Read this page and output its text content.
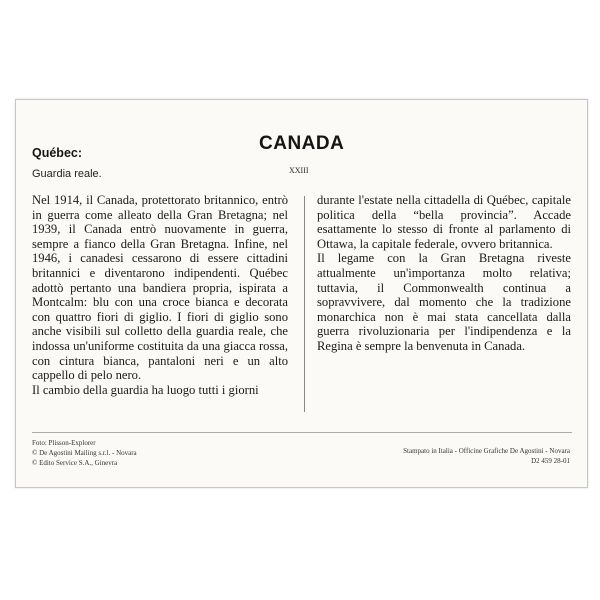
CANADA
XXIII
Québec:
Guardia reale.

Nel 1914, il Canada, protettorato britannico, entrò in guerra come alleato della Gran Bretagna; nel 1939, il Canada entrò nuovamente in guerra, sempre a fianco della Gran Bretagna. Infine, nel 1946, i canadesi cessarono di essere cittadini britannici e diventarono indipendenti. Québec adottò pertanto una bandiera propria, ispirata a Montcalm: blu con una croce bianca e decorata con quattro fiori di giglio. I fiori di giglio sono anche visibili sul colletto della guardia reale, che indossa un'uniforme costituita da una giacca rossa, con cintura bianca, pantaloni neri e un alto cappello di pelo nero.

Il cambio della guardia ha luogo tutti i giorni

durante l'estate nella cittadella di Québec, capitale politica della “bella provincia”. Accade esattamente lo stesso di fronte al parlamento di Ottawa, la capitale federale, ovvero britannica.

Il legame con la Gran Bretagna riveste attualmente un'importanza molto relativa; tuttavia, il Commonwealth continua a sopravvivere, dal momento che la tradizione monarchica non è mai stata cancellata dalla guerra rivoluzionaria per l'indipendenza e la Regina è sempre la benvenuta in Canada.

Foto: Plisson-Explorer
© De Agostini Mailing s.r.l. - Novara
© Edito Service S.A., Ginevra
Stampato in Italia - Officine Grafiche De Agostini - Novara
D2 459 28-01
